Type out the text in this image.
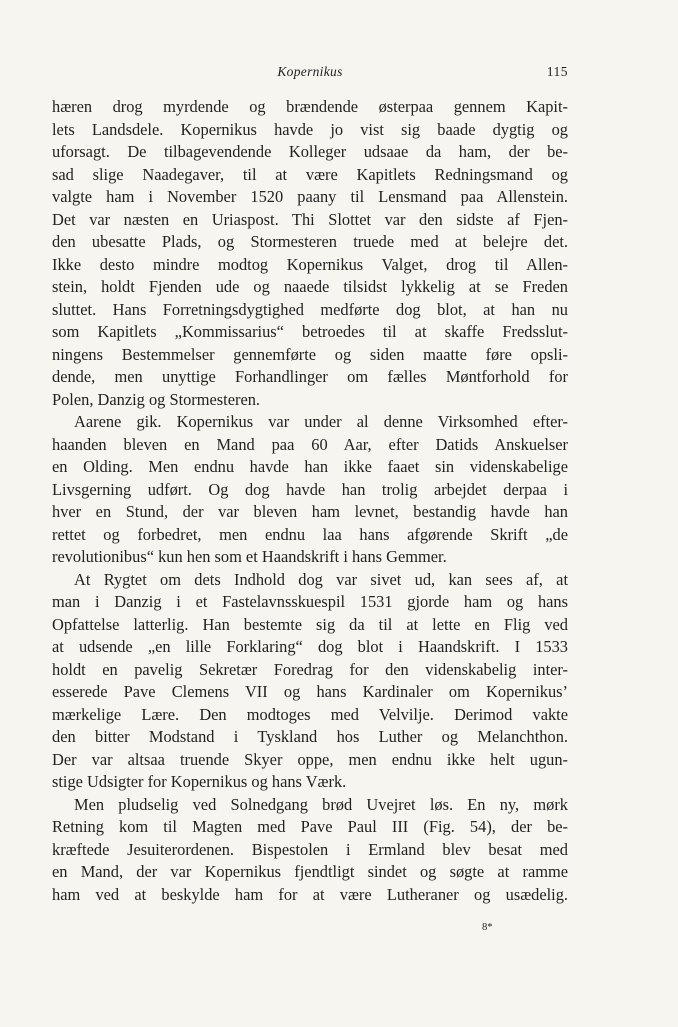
Kopernikus	115
hæren drog myrdende og brændende østerpaa gennem Kapit-
lets Landsdele. Kopernikus havde jo vist sig baade dygtig og
uforsagt. De tilbagevendende Kolleger udsaae da ham, der be-
sad slige Naadegaver, til at være Kapitlets Redningsmand og
valgte ham i November 1520 paany til Lensmand paa Allenstein.
Det var næsten en Uriaspost. Thi Slottet var den sidste af Fjen-
den ubesatte Plads, og Stormesteren truede med at belejre det.
Ikke desto mindre modtog Kopernikus Valget, drog til Allen-
stein, holdt Fjenden ude og naaede tilsidst lykkelig at se Freden
sluttet. Hans Forretningsdygtighed medførte dog blot, at han nu
som Kapitlets „Kommissarius“ betroedes til at skaffe Fredsslut-
ningens Bestemmelser gennemførte og siden maatte føre opsli-
dende, men unyttige Forhandlinger om fælles Møntforhold for
Polen, Danzig og Stormesteren.
Aarene gik. Kopernikus var under al denne Virksomhed efter-
haanden bleven en Mand paa 60 Aar, efter Datids Anskuelser
en Olding. Men endnu havde han ikke faaet sin videnskabelige
Livsgerning udført. Og dog havde han trolig arbejdet derpaa i
hver en Stund, der var bleven ham levnet, bestandig havde han
rettet og forbedret, men endnu laa hans afgørende Skrift „de
revolutionibus“ kun hen som et Haandskrift i hans Gemmer.
At Rygtet om dets Indhold dog var sivet ud, kan sees af, at
man i Danzig i et Fastelavnsskuespil 1531 gjorde ham og hans
Opfattelse latterlig. Han bestemte sig da til at lette en Flig ved
at udsende „en lille Forklaring“ dog blot i Haandskrift. I 1533
holdt en pavelig Sekretær Foredrag for den videnskabelig inter-
esserede Pave Clemens VII og hans Kardinaler om Kopernikus’
mærkelige Lære. Den modtoges med Velvilje. Derimod vakte
den bitter Modstand i Tyskland hos Luther og Melanchthon.
Der var altsaa truende Skyer oppe, men endnu ikke helt ugun-
stige Udsigter for Kopernikus og hans Værk.
Men pludselig ved Solnedgang brød Uvejret løs. En ny, mørk
Retning kom til Magten med Pave Paul III (Fig. 54), der be-
kræftede Jesuiterordenen. Bispestolen i Ermland blev besat med
en Mand, der var Kopernikus fjendtligt sindet og søgte at ramme
ham ved at beskylde ham for at være Lutheraner og usædelig.
8*
